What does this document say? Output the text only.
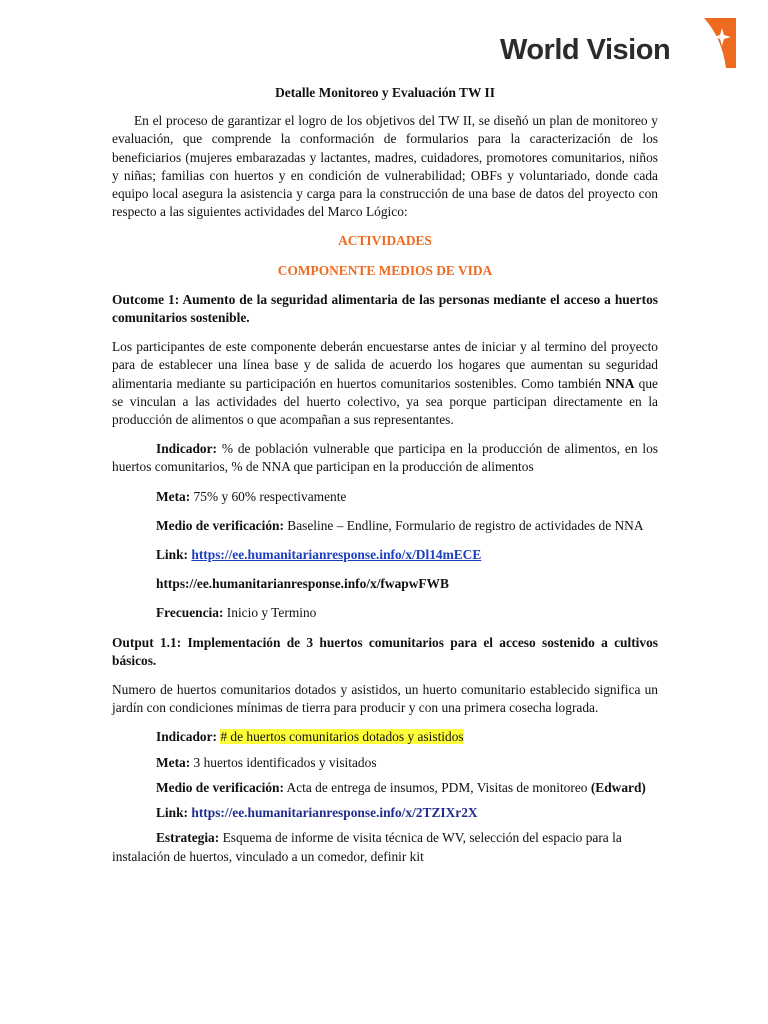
World Vision

Detalle Monitoreo y Evaluación TW II

En el proceso de garantizar el logro de los objetivos del TW II, se diseñó un plan de monitoreo y evaluación, que comprende la conformación de formularios para la caracterización de los beneficiarios (mujeres embarazadas y lactantes, madres, cuidadores, promotores comunitarios, niños y niñas; familias con huertos y en condición de vulnerabilidad; OBFs y voluntariado, donde cada equipo local asegura la asistencia y carga para la construcción de una base de datos del proyecto con respecto a las siguientes actividades del Marco Lógico:

ACTIVIDADES

COMPONENTE MEDIOS DE VIDA

Outcome 1: Aumento de la seguridad alimentaria de las personas mediante el acceso a huertos comunitarios sostenible.

Los participantes de este componente deberán encuestarse antes de iniciar y al termino del proyecto para de establecer una línea base y de salida de acuerdo los hogares que aumentan su seguridad alimentaria mediante su participación en huertos comunitarios sostenibles. Como también NNA que se vinculan a las actividades del huerto colectivo, ya sea porque participan directamente en la producción de alimentos o que acompañan a sus representantes.

Indicador: % de población vulnerable que participa en la producción de alimentos, en los huertos comunitarios, % de NNA que participan en la producción de alimentos

Meta: 75% y 60% respectivamente

Medio de verificación: Baseline – Endline, Formulario de registro de actividades de NNA

Link: https://ee.humanitarianresponse.info/x/Dl14mECE

https://ee.humanitarianresponse.info/x/fwapwFWB

Frecuencia: Inicio y Termino

Output 1.1: Implementación de 3 huertos comunitarios para el acceso sostenido a cultivos básicos.

Numero de huertos comunitarios dotados y asistidos, un huerto comunitario establecido significa un jardín con condiciones mínimas de tierra para producir y con una primera cosecha lograda.

Indicador: # de huertos comunitarios dotados y asistidos

Meta: 3 huertos identificados y visitados

Medio de verificación: Acta de entrega de insumos, PDM, Visitas de monitoreo (Edward)

Link: https://ee.humanitarianresponse.info/x/2TZIXr2X

Estrategia: Esquema de informe de visita técnica de WV, selección del espacio para la instalación de huertos, vinculado a un comedor, definir kit
